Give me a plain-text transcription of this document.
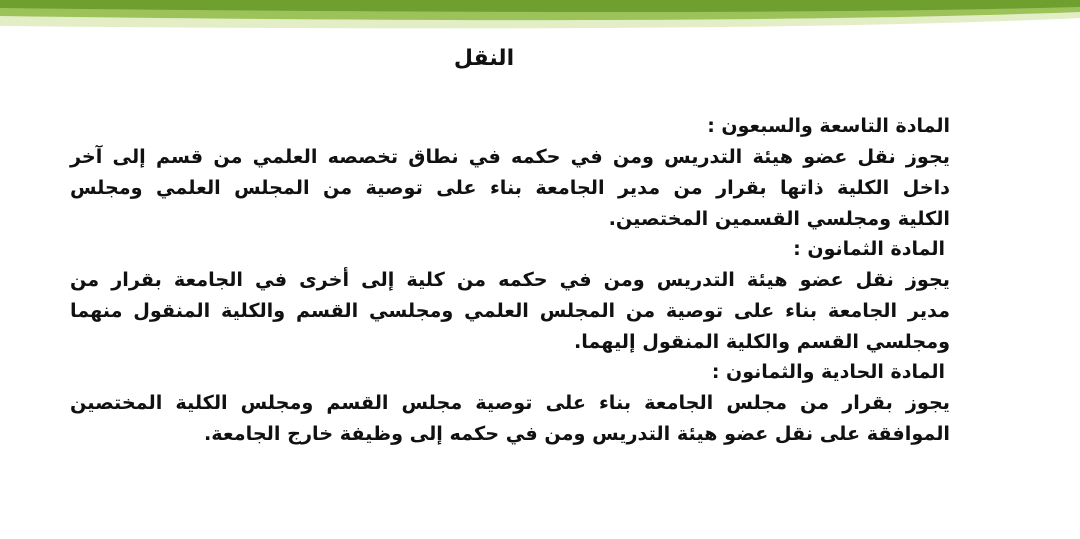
النقل
المادة التاسعة والسبعون :

يجوز نقل عضو هيئة التدريس ومن في حكمه في نطاق تخصصه العلمي من قسم إلى آخر
داخل الكلية ذاتها بقرار من مدير الجامعة بناء على توصية من المجلس العلمي ومجلس
الكلية ومجلسي القسمين المختصين.

المادة الثمانون :

يجوز نقل عضو هيئة التدريس ومن في حكمه من كلية إلى أخرى في الجامعة بقرار من
مدير الجامعة بناء على توصية من المجلس العلمي ومجلسي القسم والكلية المنقول منهما
ومجلسي القسم والكلية المنقول إليهما.

المادة الحادية والثمانون :

يجوز بقرار من مجلس الجامعة بناء على توصية مجلس القسم ومجلس الكلية المختصين
الموافقة على نقل عضو هيئة التدريس ومن في حكمه إلى وظيفة خارج الجامعة.
